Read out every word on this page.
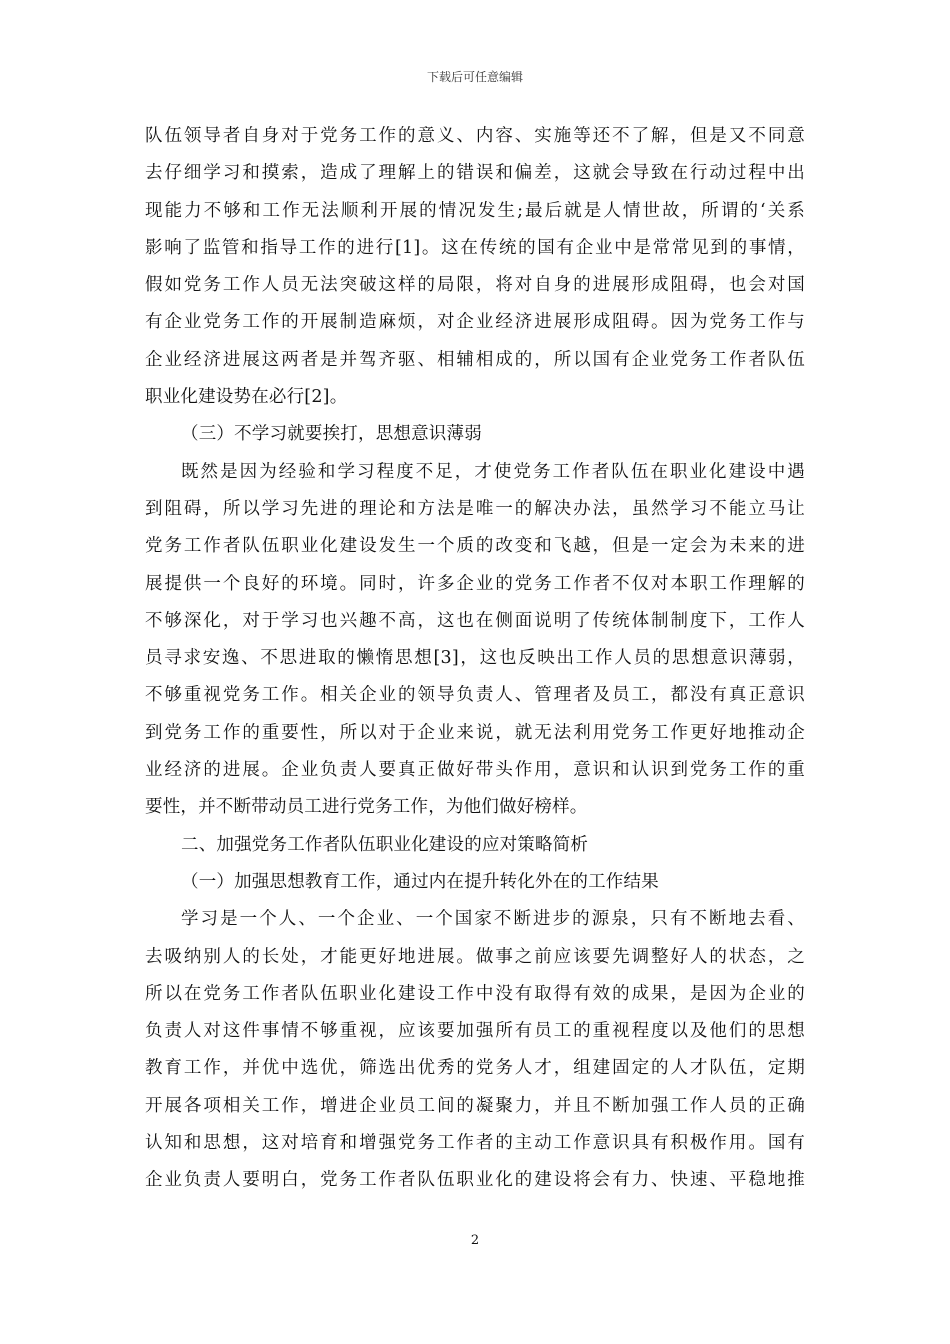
下载后可任意编辑
队伍领导者自身对于党务工作的意义、内容、实施等还不了解，但是又不同意
去仔细学习和摸索，造成了理解上的错误和偏差，这就会导致在行动过程中出
现能力不够和工作无法顺利开展的情况发生;最后就是人情世故，所谓的‘关系
影响了监管和指导工作的进行[1]。这在传统的国有企业中是常常见到的事情，
假如党务工作人员无法突破这样的局限，将对自身的进展形成阻碍，也会对国
有企业党务工作的开展制造麻烦，对企业经济进展形成阻碍。因为党务工作与
企业经济进展这两者是并驾齐驱、相辅相成的，所以国有企业党务工作者队伍
职业化建设势在必行[2]。
（三）不学习就要挨打，思想意识薄弱
既然是因为经验和学习程度不足，才使党务工作者队伍在职业化建设中遇
到阻碍，所以学习先进的理论和方法是唯一的解决办法，虽然学习不能立马让
党务工作者队伍职业化建设发生一个质的改变和飞越，但是一定会为未来的进
展提供一个良好的环境。同时，许多企业的党务工作者不仅对本职工作理解的
不够深化，对于学习也兴趣不高，这也在侧面说明了传统体制制度下，工作人
员寻求安逸、不思进取的懒惰思想[3]，这也反映出工作人员的思想意识薄弱，
不够重视党务工作。相关企业的领导负责人、管理者及员工，都没有真正意识
到党务工作的重要性，所以对于企业来说，就无法利用党务工作更好地推动企
业经济的进展。企业负责人要真正做好带头作用，意识和认识到党务工作的重
要性，并不断带动员工进行党务工作，为他们做好榜样。
二、加强党务工作者队伍职业化建设的应对策略简析
（一）加强思想教育工作，通过内在提升转化外在的工作结果
学习是一个人、一个企业、一个国家不断进步的源泉，只有不断地去看、
去吸纳别人的长处，才能更好地进展。做事之前应该要先调整好人的状态，之
所以在党务工作者队伍职业化建设工作中没有取得有效的成果，是因为企业的
负责人对这件事情不够重视，应该要加强所有员工的重视程度以及他们的思想
教育工作，并优中选优，筛选出优秀的党务人才，组建固定的人才队伍，定期
开展各项相关工作，增进企业员工间的凝聚力，并且不断加强工作人员的正确
认知和思想，这对培育和增强党务工作者的主动工作意识具有积极作用。国有
企业负责人要明白，党务工作者队伍职业化的建设将会有力、快速、平稳地推
2
